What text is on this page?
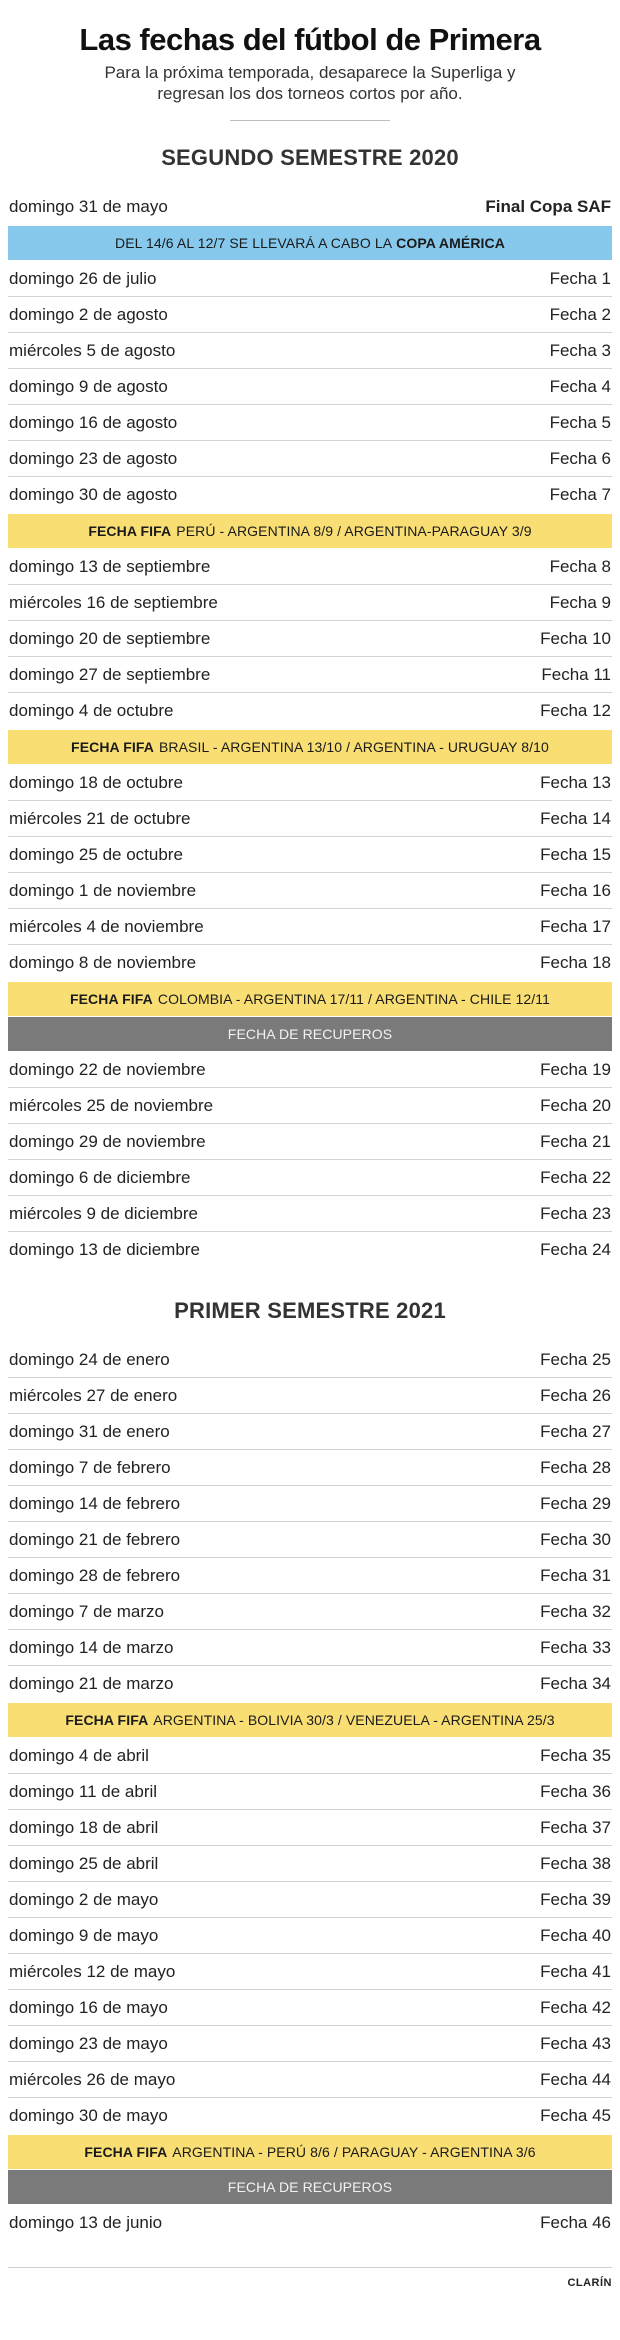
Las fechas del fútbol de Primera

Para la próxima temporada, desaparece la Superliga y regresan los dos torneos cortos por año.

SEGUNDO SEMESTRE 2020
domingo 31 de mayo	Final Copa SAF
DEL 14/6 AL 12/7 SE LLEVARÁ A CABO LA COPA AMÉRICA
domingo 26 de julio	Fecha 1
domingo 2 de agosto	Fecha 2
miércoles 5 de agosto	Fecha 3
domingo 9 de agosto	Fecha 4
domingo 16 de agosto	Fecha 5
domingo 23 de agosto	Fecha 6
domingo 30 de agosto	Fecha 7
FECHA FIFA PERÚ - ARGENTINA 8/9 / ARGENTINA-PARAGUAY 3/9
domingo 13 de septiembre	Fecha 8
miércoles 16 de septiembre	Fecha 9
domingo 20 de septiembre	Fecha 10
domingo 27 de septiembre	Fecha 11
domingo 4 de octubre	Fecha 12
FECHA FIFA BRASIL - ARGENTINA 13/10 / ARGENTINA - URUGUAY 8/10
domingo 18 de octubre	Fecha 13
miércoles 21 de octubre	Fecha 14
domingo 25 de octubre	Fecha 15
domingo 1 de noviembre	Fecha 16
miércoles 4 de noviembre	Fecha 17
domingo 8 de noviembre	Fecha 18
FECHA FIFA COLOMBIA - ARGENTINA 17/11 / ARGENTINA - CHILE 12/11
FECHA DE RECUPEROS
domingo 22 de noviembre	Fecha 19
miércoles 25 de noviembre	Fecha 20
domingo 29 de noviembre	Fecha 21
domingo 6 de diciembre	Fecha 22
miércoles 9 de diciembre	Fecha 23
domingo 13 de diciembre	Fecha 24
PRIMER SEMESTRE 2021
domingo 24 de enero	Fecha 25
miércoles 27 de enero	Fecha 26
domingo 31 de enero	Fecha 27
domingo 7 de febrero	Fecha 28
domingo 14 de febrero	Fecha 29
domingo 21 de febrero	Fecha 30
domingo 28 de febrero	Fecha 31
domingo 7 de marzo	Fecha 32
domingo 14 de marzo	Fecha 33
domingo 21 de marzo	Fecha 34
FECHA FIFA ARGENTINA - BOLIVIA 30/3 / VENEZUELA - ARGENTINA 25/3
domingo 4 de abril	Fecha 35
domingo 11 de abril	Fecha 36
domingo 18 de abril	Fecha 37
domingo 25 de abril	Fecha 38
domingo 2 de mayo	Fecha 39
domingo 9 de mayo	Fecha 40
miércoles 12 de mayo	Fecha 41
domingo 16 de mayo	Fecha 42
domingo 23 de mayo	Fecha 43
miércoles 26 de mayo	Fecha 44
domingo 30 de mayo	Fecha 45
FECHA FIFA ARGENTINA - PERÚ 8/6 / PARAGUAY - ARGENTINA 3/6
FECHA DE RECUPEROS
domingo 13 de junio	Fecha 46
CLARÍN
